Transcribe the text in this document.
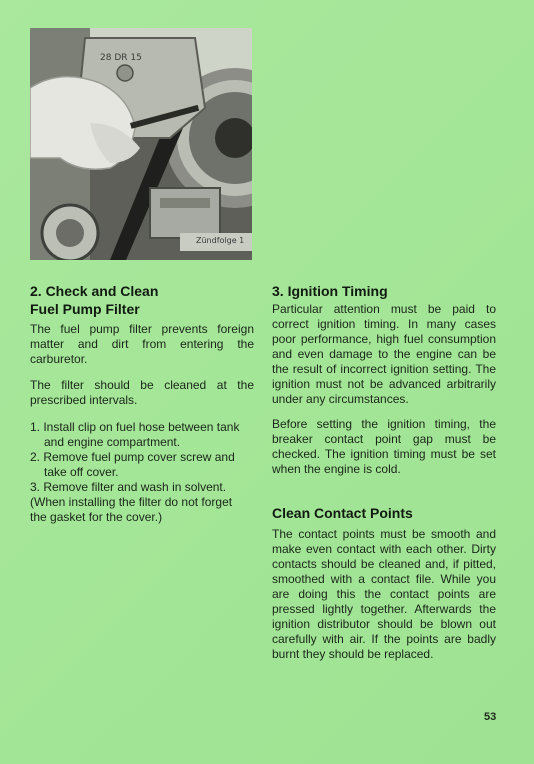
28 DR 15
Zündfolge 1
2. Check and Clean
Fuel Pump Filter
The fuel pump filter prevents foreign matter and dirt from entering the carburetor.
The filter should be cleaned at the prescribed intervals.
1. Install clip on fuel hose between tank
and engine compartment.
2. Remove fuel pump cover screw and
take off cover.
3. Remove filter and wash in solvent.
(When installing the filter do not forget
the gasket for the cover.)
3. Ignition Timing
Particular attention must be paid to correct ignition timing. In many cases poor performance, high fuel consumption and even damage to the engine can be the result of incorrect ignition setting. The ignition must not be advanced arbitrarily under any circumstances.
Before setting the ignition timing, the breaker contact point gap must be checked. The ignition timing must be set when the engine is cold.
Clean Contact Points
The contact points must be smooth and make even contact with each other. Dirty contacts should be cleaned and, if pitted, smoothed with a contact file. While you are doing this the contact points are pressed lightly together. Afterwards the ignition distributor should be blown out carefully with air. If the points are badly burnt they should be replaced.
53
